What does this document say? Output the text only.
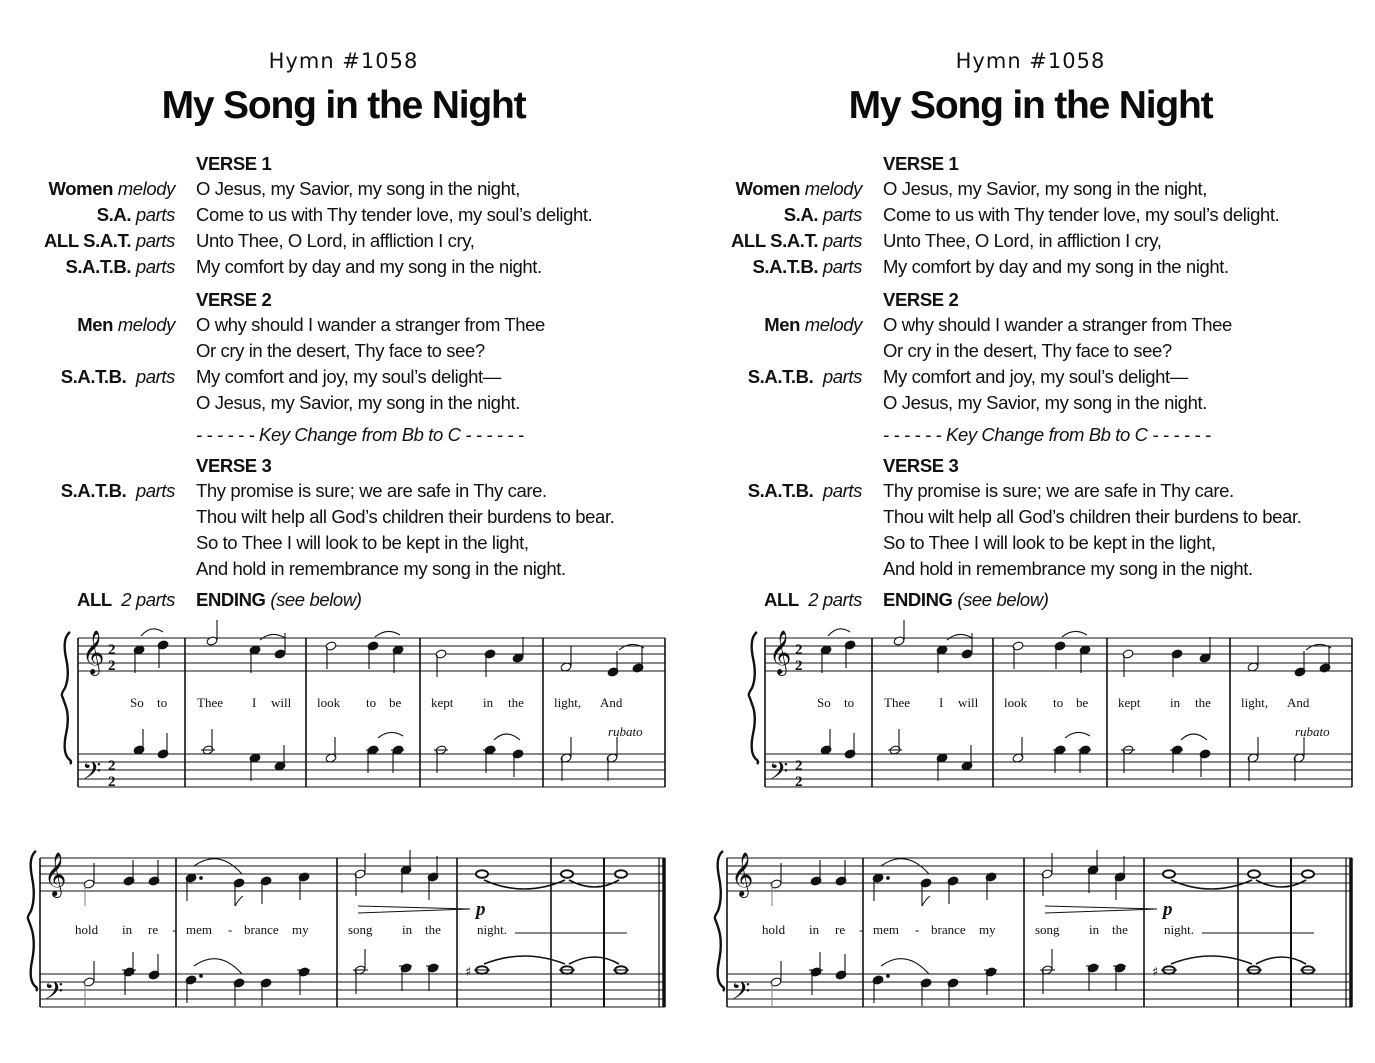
Hymn #1058
My Song in the Night
VERSE 1
Women melody O Jesus, my Savior, my song in the night,
S.A. parts Come to us with Thy tender love, my soul’s delight.
ALL S.A.T. parts Unto Thee, O Lord, in affliction I cry,
S.A.T.B. parts My comfort by day and my song in the night.
VERSE 2
Men melody O why should I wander a stranger from Thee
Or cry in the desert, Thy face to see?
S.A.T.B. parts My comfort and joy, my soul’s delight—
O Jesus, my Savior, my song in the night.
- - - - - - Key Change from Bb to C - - - - - -
VERSE 3
S.A.T.B. parts Thy promise is sure; we are safe in Thy care.
Thou wilt help all God’s children their burdens to bear.
So to Thee I will look to be kept in the light,
And hold in remembrance my song in the night.
ALL 2 parts ENDING (see below)
𝄞
𝄢
2
2
2
2
So to Thee I will look to be kept in the light, And
rubato
𝄞
𝄢
♯
hold in re - mem - brance my	song in the	night.
p
Hymn #1058
My Song in the Night
VERSE 1
Women melody O Jesus, my Savior, my song in the night,
S.A. parts Come to us with Thy tender love, my soul’s delight.
ALL S.A.T. parts Unto Thee, O Lord, in affliction I cry,
S.A.T.B. parts My comfort by day and my song in the night.
VERSE 2
Men melody O why should I wander a stranger from Thee
Or cry in the desert, Thy face to see?
S.A.T.B. parts My comfort and joy, my soul’s delight—
O Jesus, my Savior, my song in the night.
- - - - - - Key Change from Bb to C - - - - - -
VERSE 3
S.A.T.B. parts Thy promise is sure; we are safe in Thy care.
Thou wilt help all God’s children their burdens to bear.
So to Thee I will look to be kept in the light,
And hold in remembrance my song in the night.
ALL 2 parts ENDING (see below)
